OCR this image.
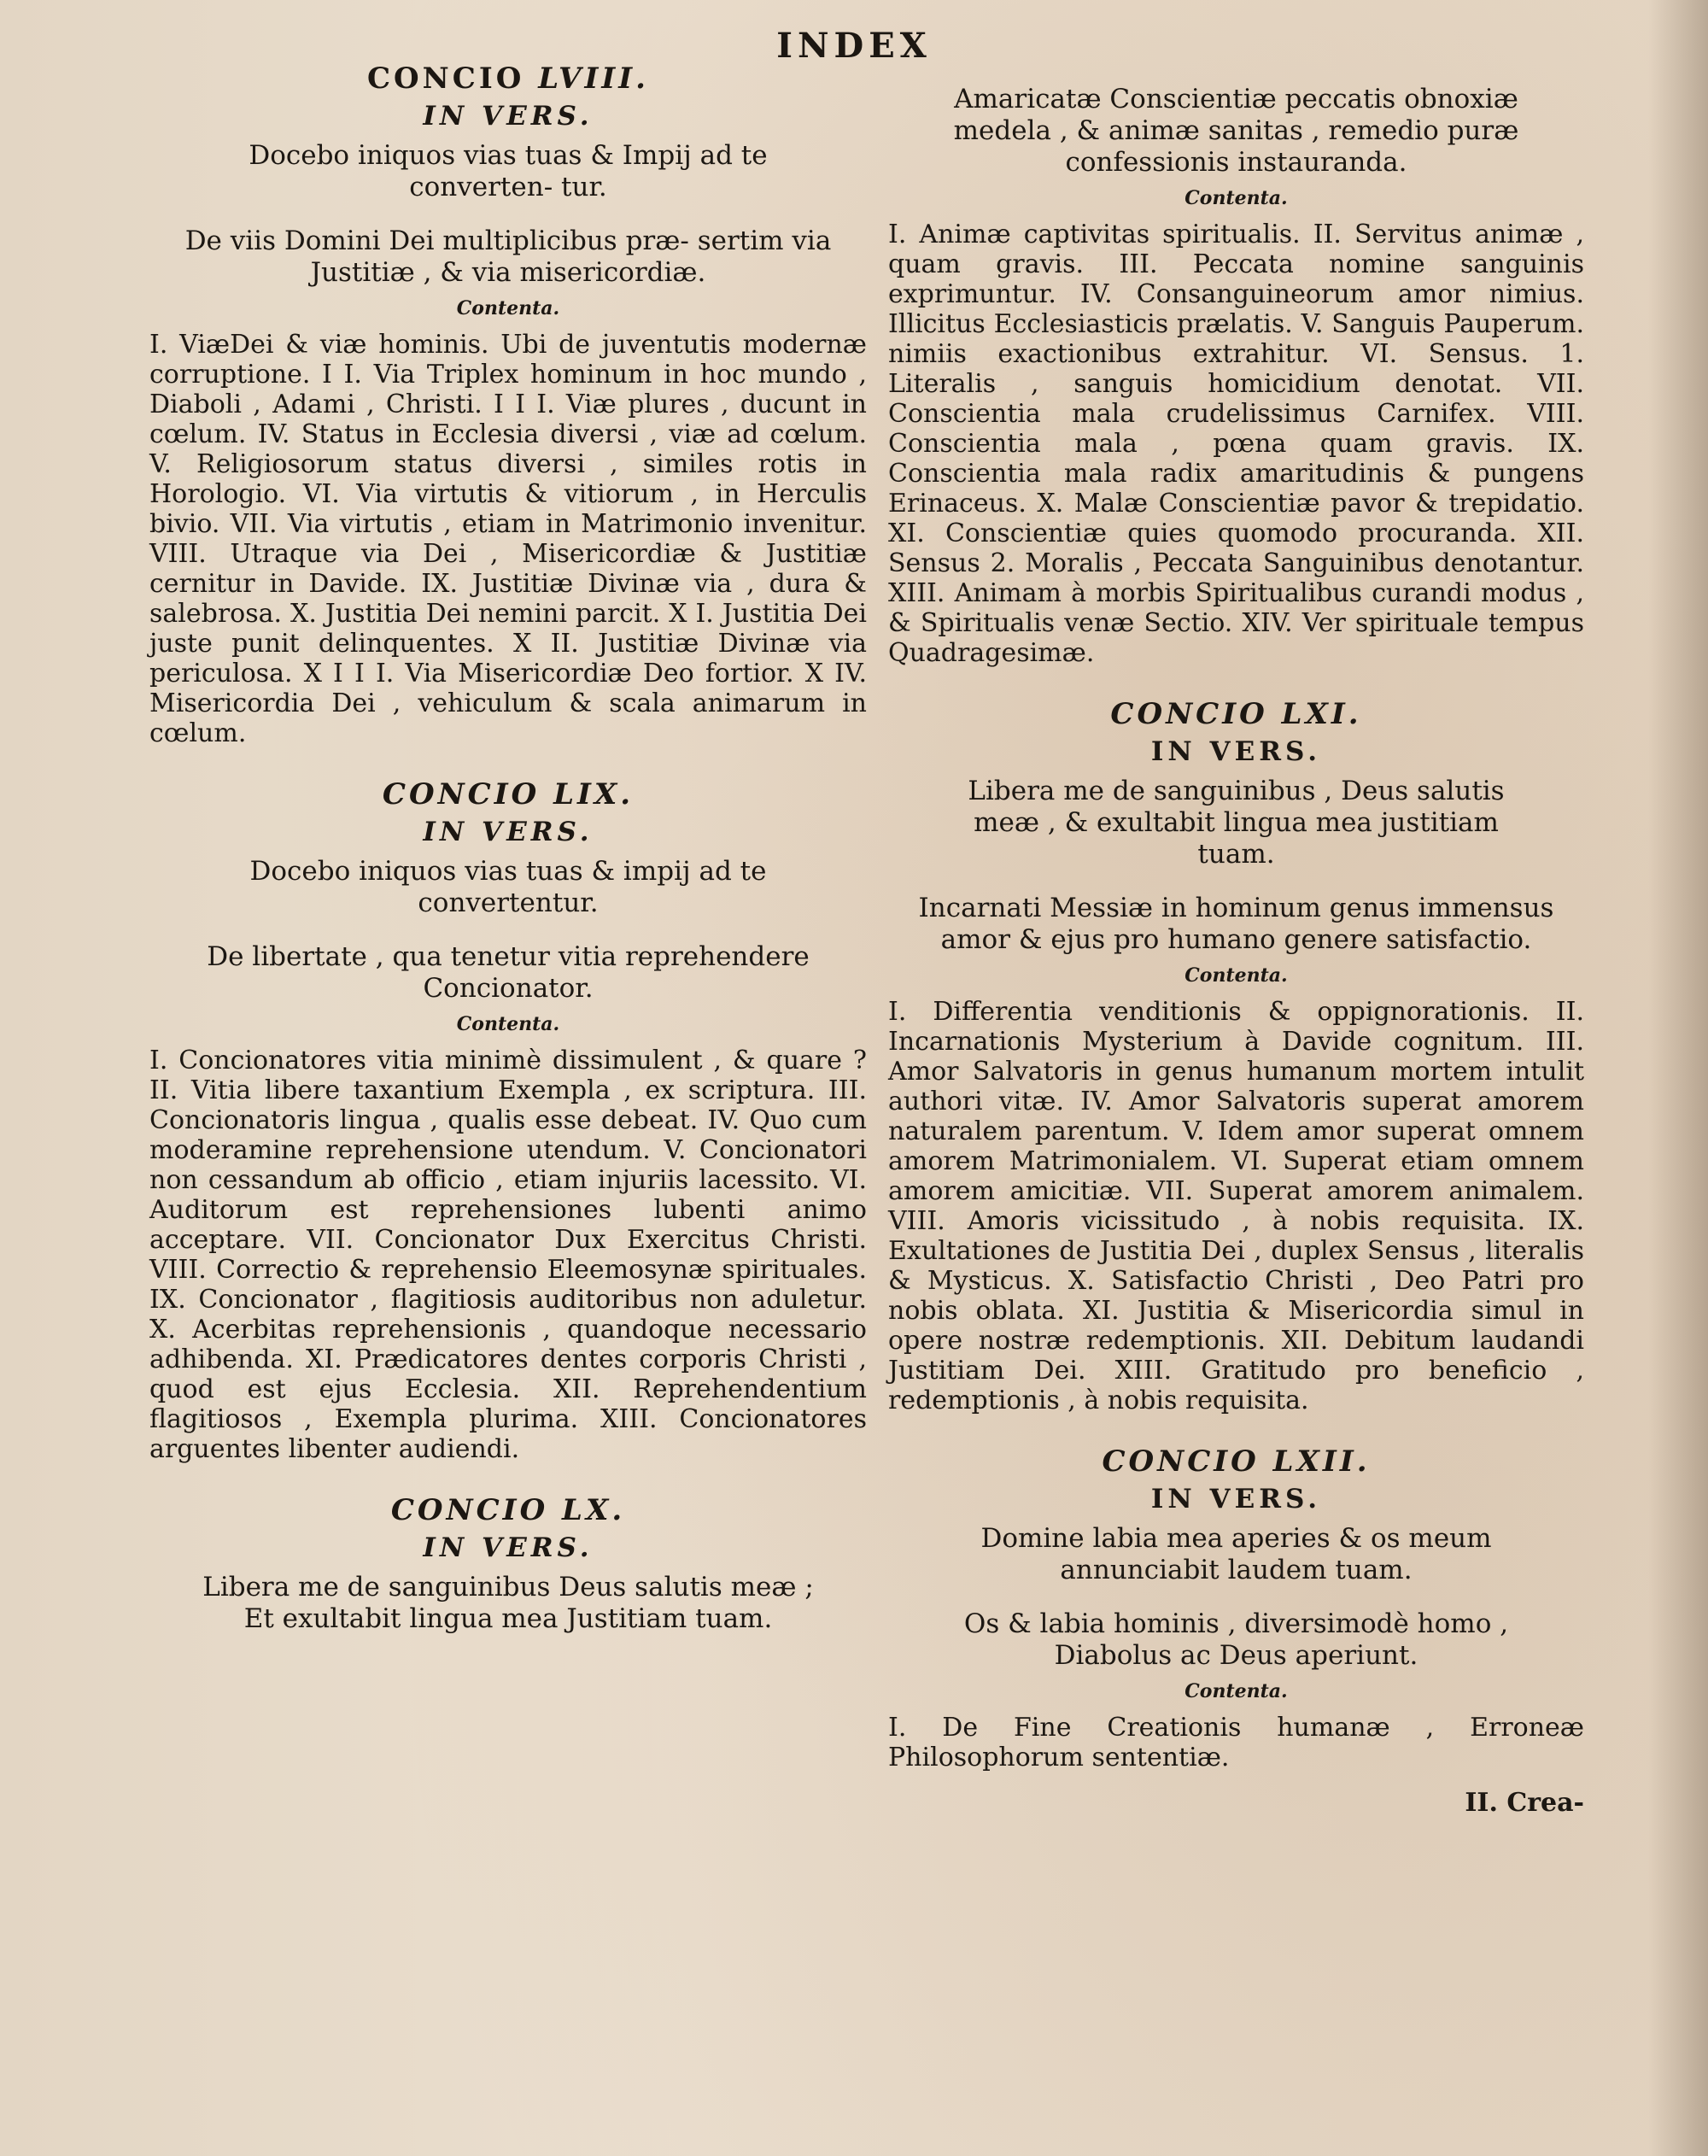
INDEX

CONCIO LVIII.

IN VERS.

Docebo iniquos vias tuas & Impij ad te converten- tur.

De viis Domini Dei multiplicibus præ- sertim via Justitiæ , & via misericordiæ.

Contenta.

I. ViæDei & viæ hominis. Ubi de juventutis modernæ corruptione. I I. Via Triplex hominum in hoc mundo , Diaboli , Adami , Christi. I I I. Viæ plures , ducunt in cœlum. IV. Status in Ecclesia diversi , viæ ad cœlum. V. Religiosorum status diversi , similes rotis in Horologio. VI. Via virtutis & vitiorum , in Herculis bivio. VII. Via virtutis , etiam in Matrimonio invenitur. VIII. Utraque via Dei , Misericordiæ & Justitiæ cernitur in Davide. IX. Justitiæ Divinæ via , dura & salebrosa. X. Justitia Dei nemini parcit. X I. Justitia Dei juste punit delinquentes. X II. Justitiæ Divinæ via periculosa. X I I I. Via Misericordiæ Deo fortior. X IV. Misericordia Dei , vehiculum & scala animarum in cœlum.

CONCIO LIX.

IN VERS.

Docebo iniquos vias tuas & impij ad te convertentur.

De libertate , qua tenetur vitia reprehendere Concionator.

Contenta.

I. Concionatores vitia minimè dissimulent , & quare ? II. Vitia libere taxantium Exempla , ex scriptura. III. Concionatoris lingua , qualis esse debeat. IV. Quo cum moderamine reprehensione utendum. V. Concionatori non cessandum ab officio , etiam injuriis lacessito. VI. Auditorum est reprehensiones lubenti animo acceptare. VII. Concionator Dux Exercitus Christi. VIII. Correctio & reprehensio Eleemosynæ spirituales. IX. Concionator , flagitiosis auditoribus non aduletur. X. Acerbitas reprehensionis , quandoque necessario adhibenda. XI. Prædicatores dentes corporis Christi , quod est ejus Ecclesia. XII. Reprehendentium flagitiosos , Exempla plurima. XIII. Concionatores arguentes libenter audiendi.

CONCIO LX.

IN VERS.

Libera me de sanguinibus Deus salutis meæ ; Et exultabit lingua mea Justitiam tuam.

Amaricatæ Conscientiæ peccatis obnoxiæ medela , & animæ sanitas , remedio puræ confessionis instauranda.

Contenta.

I. Animæ captivitas spiritualis. II. Servitus animæ , quam gravis. III. Peccata nomine sanguinis exprimuntur. IV. Consanguineorum amor nimius. Illicitus Ecclesiasticis prælatis. V. Sanguis Pauperum. nimiis exactionibus extrahitur. VI. Sensus. 1. Literalis , sanguis homicidium denotat. VII. Conscientia mala crudelissimus Carnifex. VIII. Conscientia mala , pœna quam gravis. IX. Conscientia mala radix amaritudinis & pungens Erinaceus. X. Malæ Conscientiæ pavor & trepidatio. XI. Conscientiæ quies quomodo procuranda. XII. Sensus 2. Moralis , Peccata Sanguinibus denotantur. XIII. Animam à morbis Spiritualibus curandi modus , & Spiritualis venæ Sectio. XIV. Ver spirituale tempus Quadragesimæ.

CONCIO LXI.

IN VERS.

Libera me de sanguinibus , Deus salutis meæ , & exultabit lingua mea justitiam tuam.

Incarnati Messiæ in hominum genus immensus amor & ejus pro humano genere satisfactio.

Contenta.

I. Differentia venditionis & oppignorationis. II. Incarnationis Mysterium à Davide cognitum. III. Amor Salvatoris in genus humanum mortem intulit authori vitæ. IV. Amor Salvatoris superat amorem naturalem parentum. V. Idem amor superat omnem amorem Matrimonialem. VI. Superat etiam omnem amorem amicitiæ. VII. Superat amorem animalem. VIII. Amoris vicissitudo , à nobis requisita. IX. Exultationes de Justitia Dei , duplex Sensus , literalis & Mysticus. X. Satisfactio Christi , Deo Patri pro nobis oblata. XI. Justitia & Misericordia simul in opere nostræ redemptionis. XII. Debitum laudandi Justitiam Dei. XIII. Gratitudo pro beneficio , redemptionis , à nobis requisita.

CONCIO LXII.

IN VERS.

Domine labia mea aperies & os meum annunciabit laudem tuam.

Os & labia hominis , diversimodè homo , Diabolus ac Deus aperiunt.

Contenta.

I. De Fine Creationis humanæ , Erroneæ Philosophorum sententiæ.

II. Crea-
